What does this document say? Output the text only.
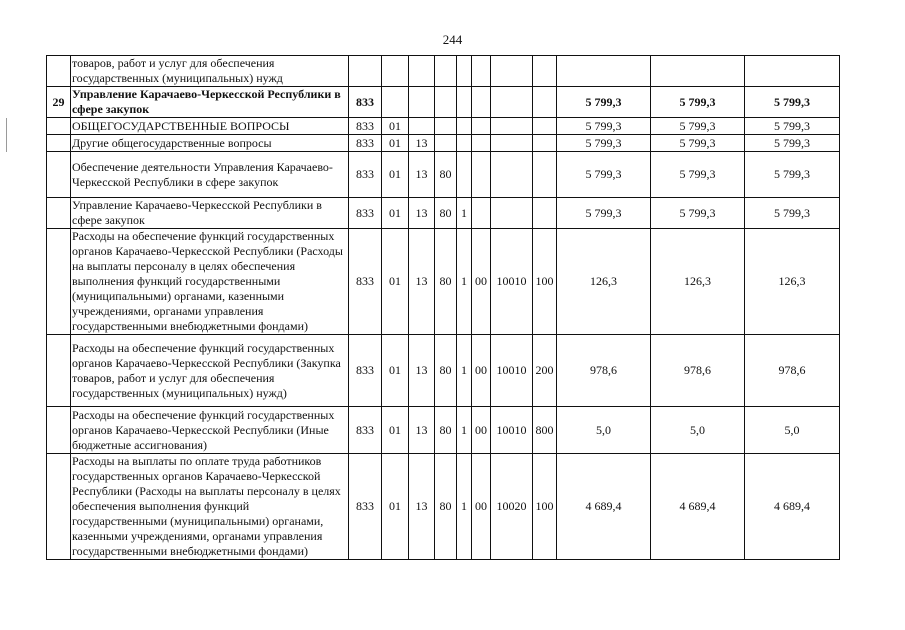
244
	товаров, работ и услуг для обеспечения государственных (муниципальных) нужд											
29	Управление Карачаево-Черкесской Республики в сфере закупок	833								5 799,3	5 799,3	5 799,3
	ОБЩЕГОСУДАРСТВЕННЫЕ ВОПРОСЫ	833	01							5 799,3	5 799,3	5 799,3
	Другие общегосударственные вопросы	833	01	13						5 799,3	5 799,3	5 799,3
	Обеспечение деятельности Управления Карачаево-Черкесской Республики в сфере закупок	833	01	13	80					5 799,3	5 799,3	5 799,3
	Управление Карачаево-Черкесской Республики в сфере закупок	833	01	13	80	1				5 799,3	5 799,3	5 799,3
	Расходы на обеспечение функций государственных органов Карачаево-Черкесской Республики (Расходы на выплаты персоналу в целях обеспечения выполнения функций государственными (муниципальными) органами, казенными учреждениями, органами управления государственными внебюджетными фондами)	833	01	13	80	1	00	10010	100	126,3	126,3	126,3
	Расходы на обеспечение функций государственных органов Карачаево-Черкесской Республики (Закупка товаров, работ и услуг для обеспечения государственных (муниципальных) нужд)	833	01	13	80	1	00	10010	200	978,6	978,6	978,6
	Расходы на обеспечение функций государственных органов Карачаево-Черкесской Республики (Иные бюджетные ассигнования)	833	01	13	80	1	00	10010	800	5,0	5,0	5,0
	Расходы на выплаты по оплате труда работников государственных органов Карачаево-Черкесской Республики (Расходы на выплаты персоналу в целях обеспечения выполнения функций государственными (муниципальными) органами, казенными учреждениями, органами управления государственными внебюджетными фондами)	833	01	13	80	1	00	10020	100	4 689,4	4 689,4	4 689,4
